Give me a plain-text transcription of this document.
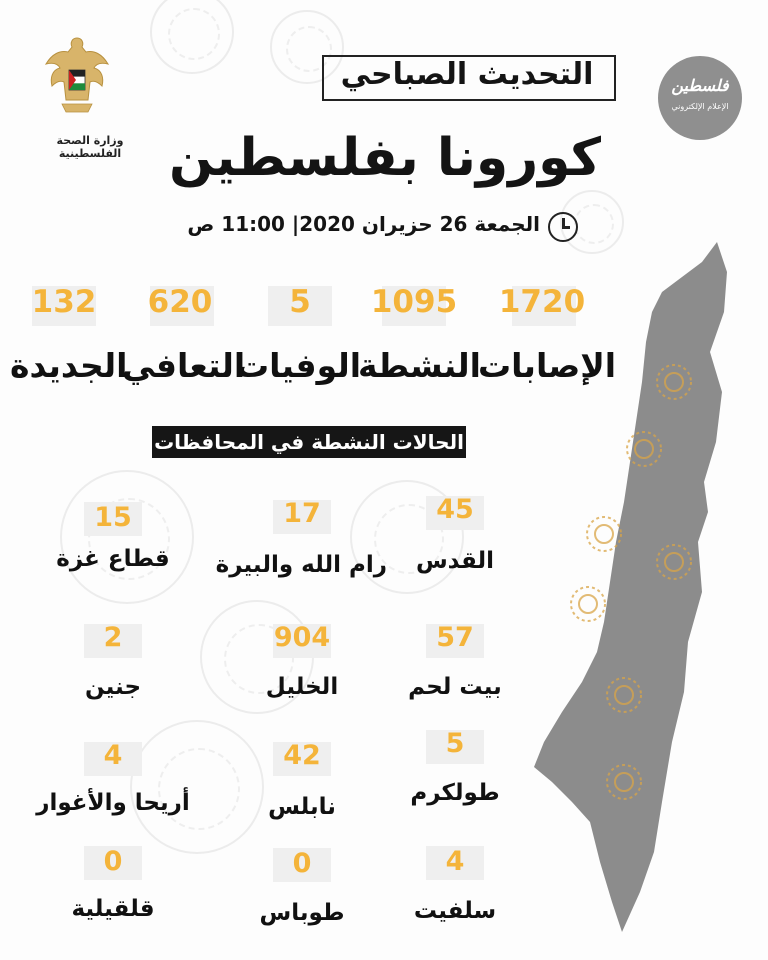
وزارة الصحة الفلسطينية
فلسطين
الإعلام الإلكتروني
التحديث الصباحي
كورونا بفلسطين
الجمعة 26 حزيران 2020| 11:00 ص
1720
1095
5
620
132
الإصابات
النشطة
الوفيات
التعافي
الجديدة
الحالات النشطة في المحافظات
45
17
15
القدس
رام الله والبيرة
قطاع غزة
57
904
2
بيت لحم
الخليل
جنين
5
42
4
طولكرم
نابلس
أريحا والأغوار
4
0
0
سلفيت
طوباس
قلقيلية
